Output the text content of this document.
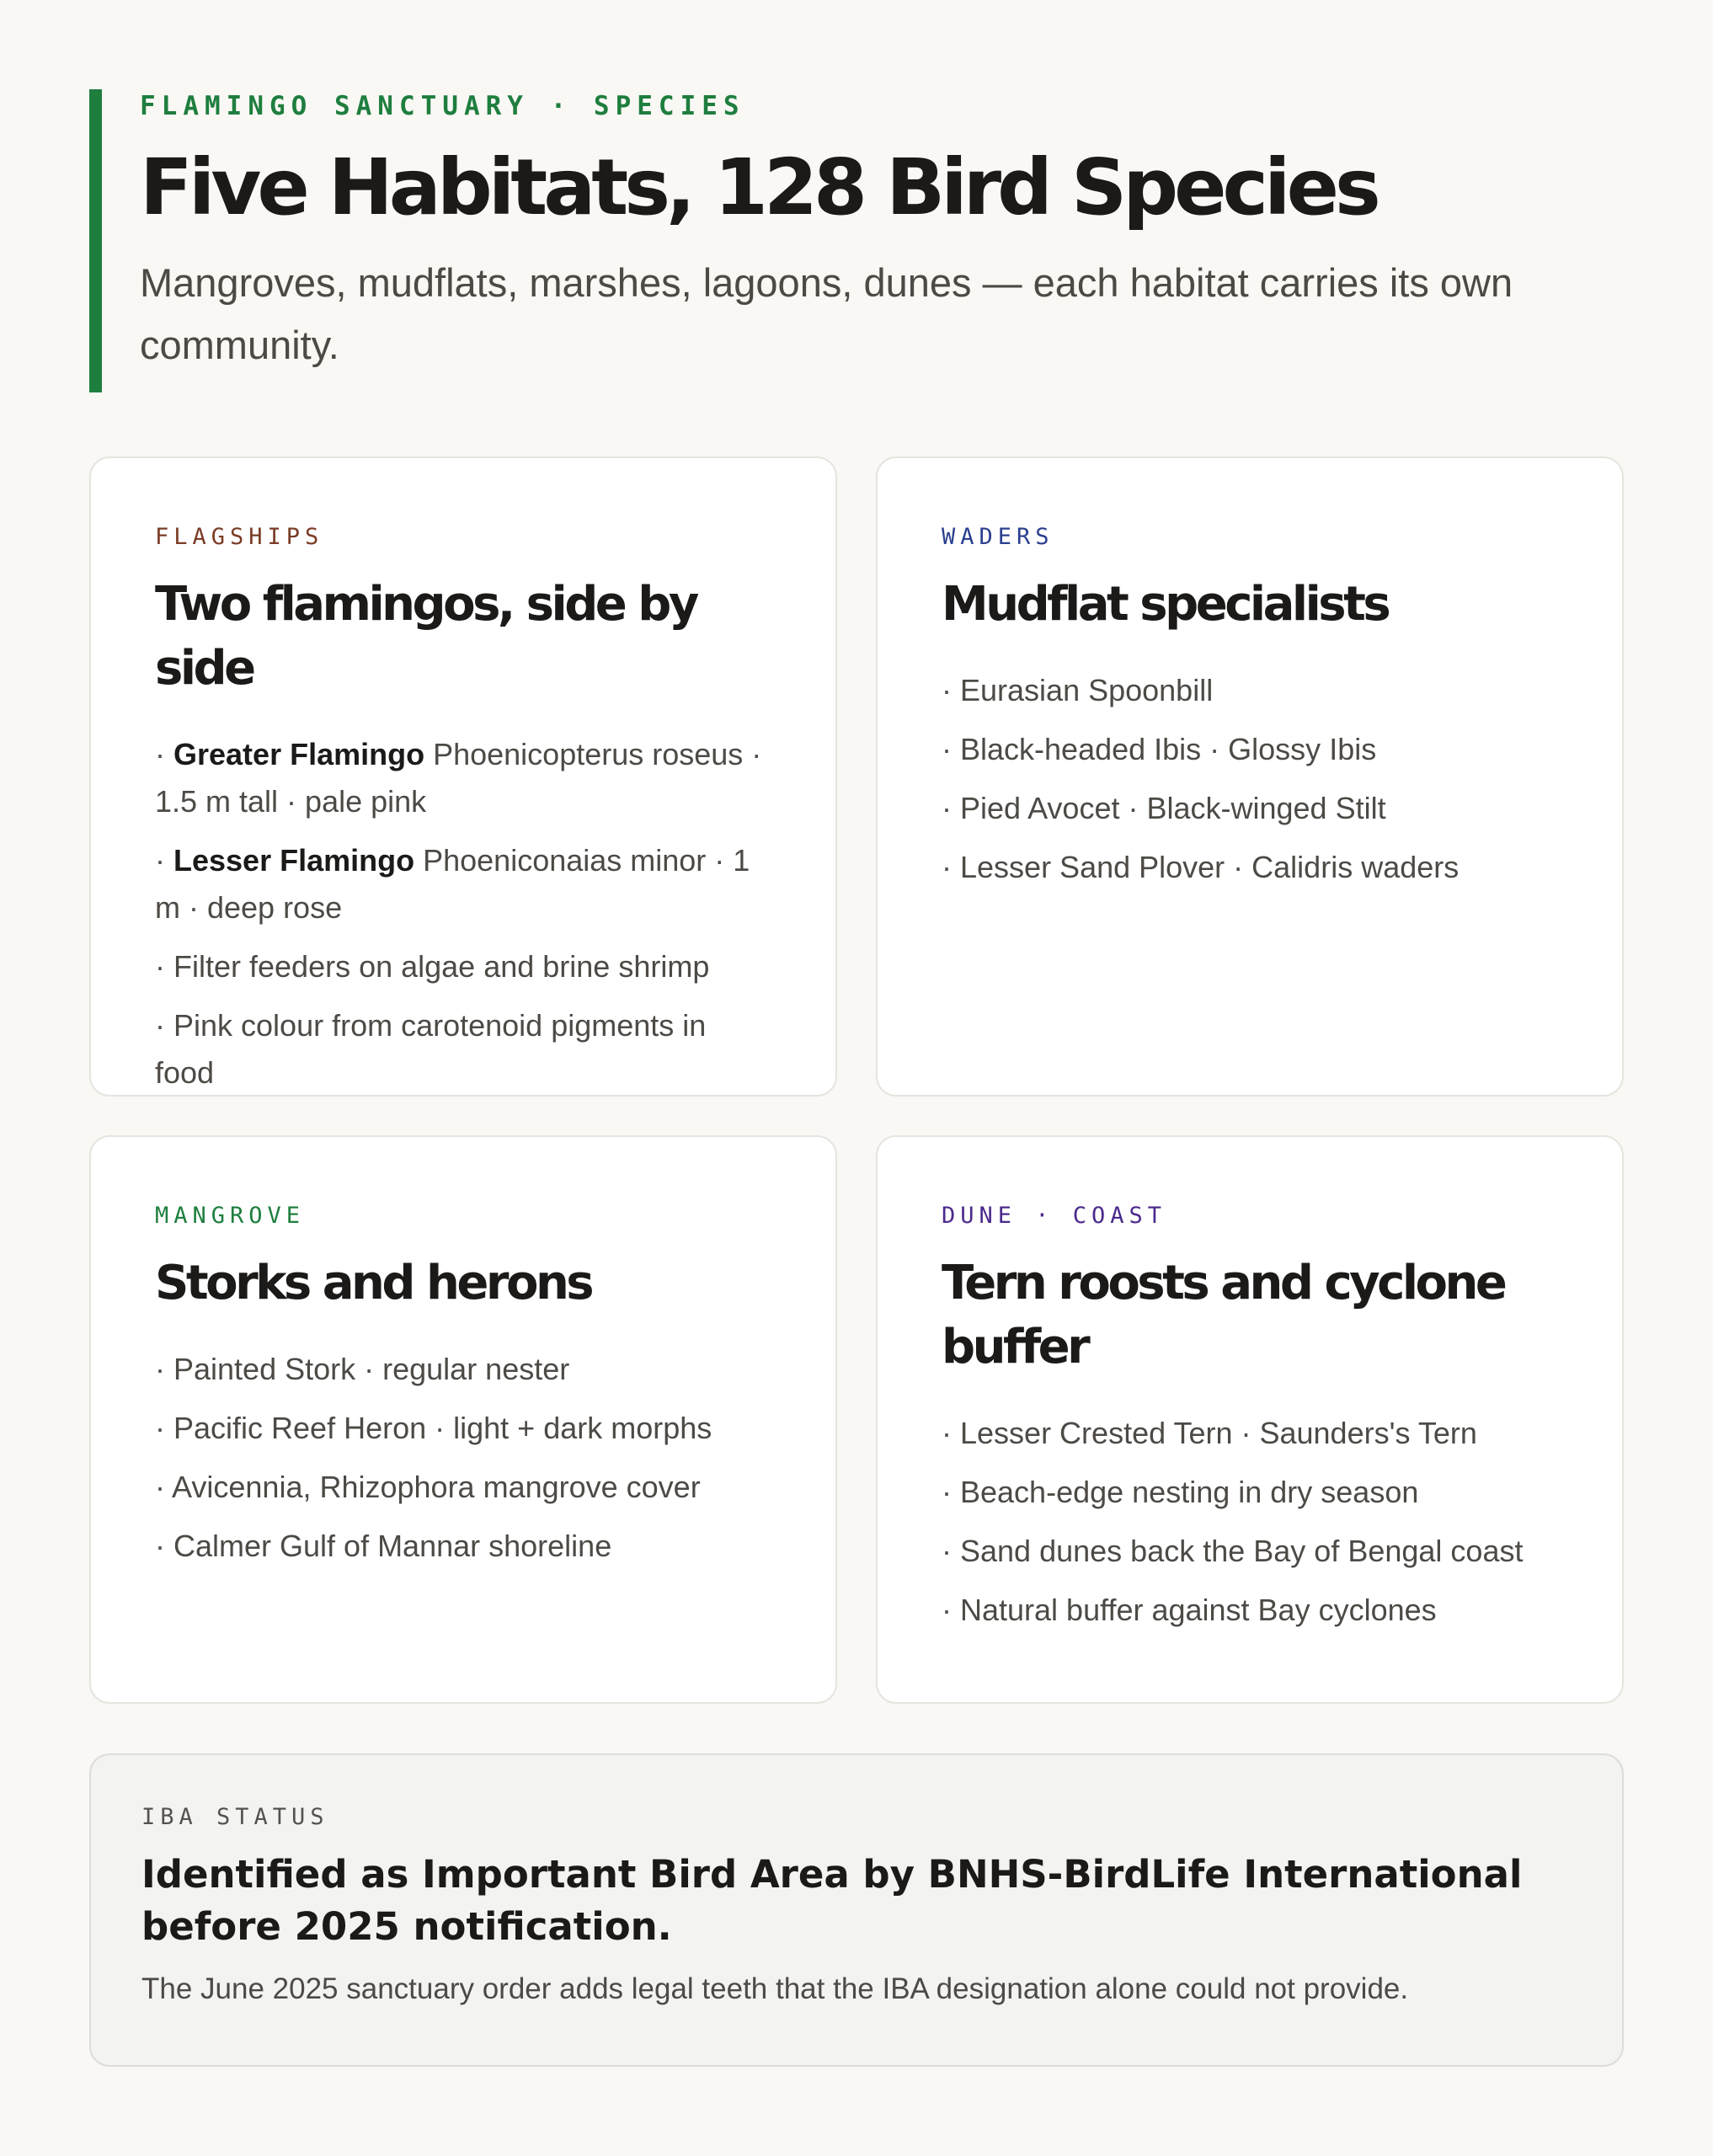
FLAMINGO SANCTUARY · SPECIES
Five Habitats, 128 Bird Species
Mangroves, mudflats, marshes, lagoons, dunes — each habitat carries its own community.
FLAGSHIPS
Two flamingos, side by side
· Greater Flamingo Phoenicopterus roseus · 1.5 m tall · pale pink
· Lesser Flamingo Phoeniconaias minor · 1 m · deep rose
· Filter feeders on algae and brine shrimp
· Pink colour from carotenoid pigments in food
WADERS
Mudflat specialists
· Eurasian Spoonbill
· Black-headed Ibis · Glossy Ibis
· Pied Avocet · Black-winged Stilt
· Lesser Sand Plover · Calidris waders
MANGROVE
Storks and herons
· Painted Stork · regular nester
· Pacific Reef Heron · light + dark morphs
· Avicennia, Rhizophora mangrove cover
· Calmer Gulf of Mannar shoreline
DUNE · COAST
Tern roosts and cyclone buffer
· Lesser Crested Tern · Saunders's Tern
· Beach-edge nesting in dry season
· Sand dunes back the Bay of Bengal coast
· Natural buffer against Bay cyclones
IBA STATUS
Identified as Important Bird Area by BNHS-BirdLife International before 2025 notification.
The June 2025 sanctuary order adds legal teeth that the IBA designation alone could not provide.
